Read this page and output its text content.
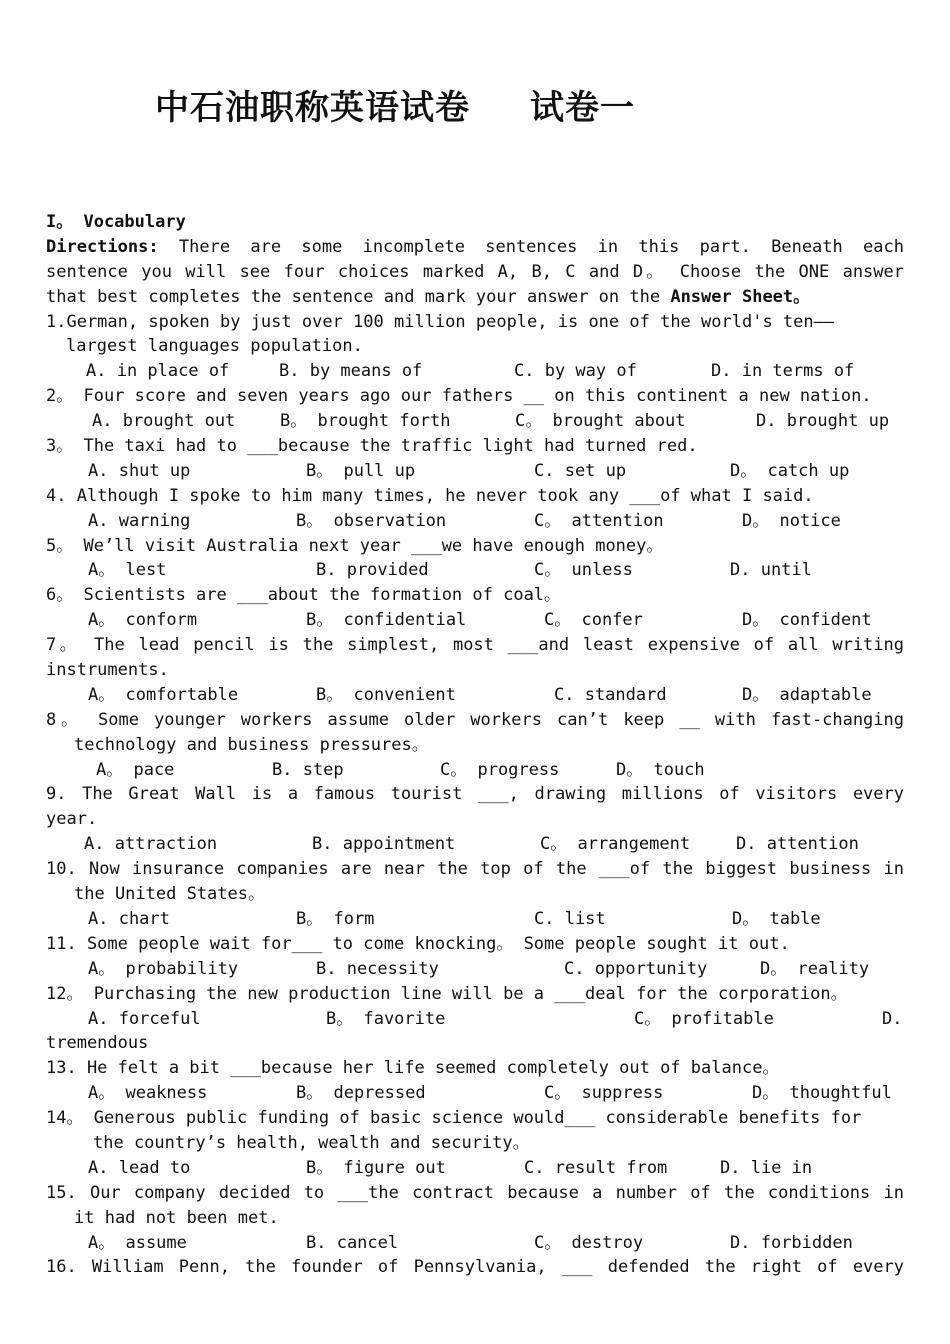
中石油职称英语试卷 试卷一
I。 Vocabulary
Directions: There are some incomplete sentences in this part. Beneath each
sentence you will see four choices marked A, B, C and D。 Choose the ONE answer
that best completes the sentence and mark your answer on the Answer Sheet。
1.German, spoken by just over 100 million people, is one of the world's ten——
largest languages population.
A. in place of	B. by means of	C. by way of	D. in terms of
2。 Four score and seven years ago our fathers __ on this continent a new nation.
A. brought out	B。 brought forth	C。 brought about	D. brought up
3。 The taxi had to ___because the traffic light had turned red.
A. shut up	B。 pull up	C. set up	D。 catch up
4. Although I spoke to him many times, he never took any ___of what I said.
A. warning	B。 observation	C。 attention	D。 notice
5。 We’ll visit Australia next year ___we have enough money。
A。 lest	B. provided	C。 unless	D. until
6。 Scientists are ___about the formation of coal。
A。 conform	B。 confidential	C。 confer	D。 confident
7。 The lead pencil is the simplest, most ___and least expensive of all writing
instruments.
A。 comfortable	B。 convenient	C. standard	D。 adaptable
8。 Some younger workers assume older workers can’t keep __ with fast-changing
technology and business pressures。
A。 pace	B. step	C。 progress	D。 touch
9. The Great Wall is a famous tourist ___, drawing millions of visitors every
year.
A. attraction	B. appointment	C。 arrangement	D. attention
10. Now insurance companies are near the top of the ___of the biggest business in
the United States。
A. chart	B。 form	C. list	D。 table
11. Some people wait for___ to come knocking。 Some people sought it out.
A。 probability	B. necessity	C. opportunity	D。 reality
12。 Purchasing the new production line will be a ___deal for the corporation。
A. forceful	B。 favorite	C。 profitable	D.
tremendous
13. He felt a bit ___because her life seemed completely out of balance。
A。 weakness	B。 depressed	C。 suppress	D。 thoughtful
14。 Generous public funding of basic science would___ considerable benefits for
the country’s health, wealth and security。
A. lead to	B。 figure out	C. result from	D. lie in
15. Our company decided to ___the contract because a number of the conditions in
it had not been met.
A。 assume	B. cancel	C。 destroy	D. forbidden
16. William Penn, the founder of Pennsylvania, ___ defended the right of every
